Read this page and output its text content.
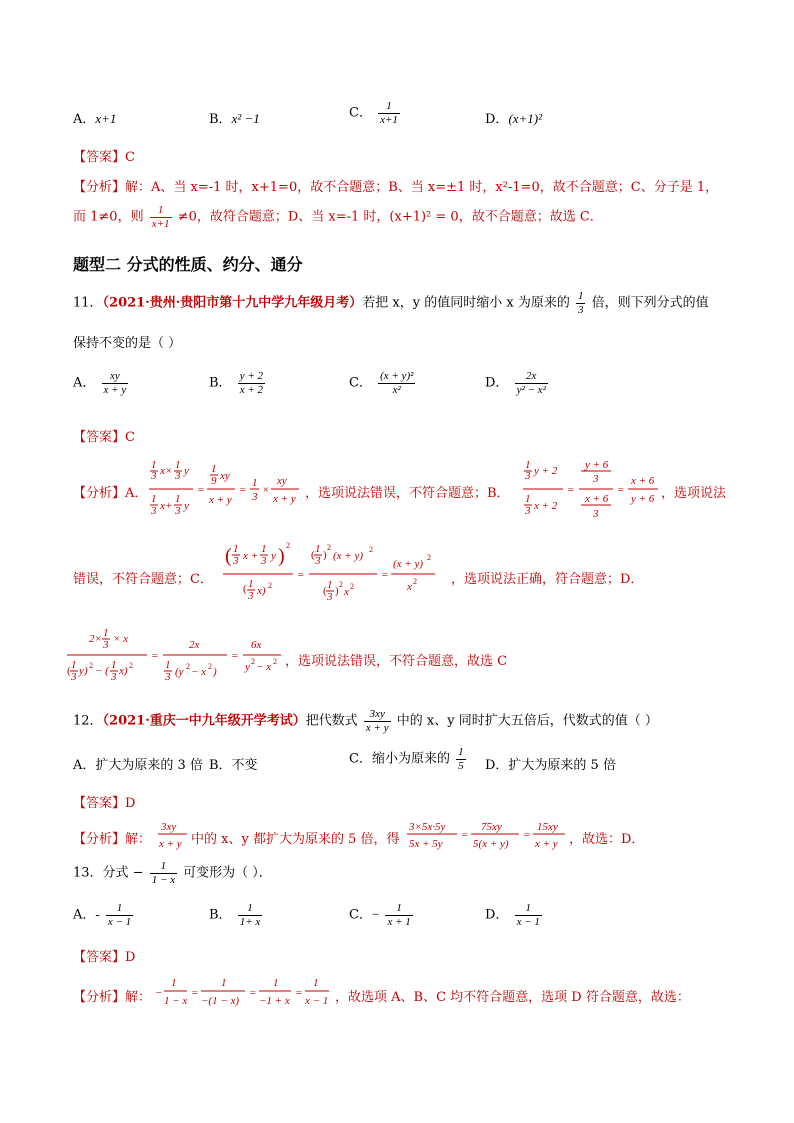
A．x+1	B．x² −1	C． $\frac{1}{x+1}$	D．(x+1)²
【答案】C
【分析】解：A、当 x=-1 时，x+1=0，故不合题意；B、当 x=±1 时，x²-1=0，故不合题意；C、分子是 1，
而 1≠0，则 $\frac{1}{x+1} \ne 0$，故符合题意；D、当 x=-1 时，(x+1)² = 0，故不合题意；故选 C．
题型二 分式的性质、约分、通分
11．（2021·贵州·贵阳市第十九中学九年级月考）若把 x，y 的值同时缩小 x 为原来的 $\frac{1}{3}$ 倍，则下列分式的值
保持不变的是（ ）
A． $\frac{xy}{x + y}$	B． $\frac{y + 2}{x + 2}$	C． $\frac{\text{(x + y)²}}{\text{x²}}$	D． $\frac{2x}{\text{y² − x²}}$
【答案】C
【分析】 A．
1
3 x× 1
3 y
1
3 x+
1
3 y
=
1
9 xy
x + y
=
1
3
×
xy
x + y ，选项说法错误，不符合题意；B．
1
3 y + 2
1
3 x + 2
=
y + 6
3
x + 6
3
=
x + 6
y + 6 ，选项说法
错误，不符合题意；C．
( 1
3 x +
1
3 y ) 2
( 1
3 x) 2
=
( 1
3 )
2
(x + y)
2
( 1
3 )
2
x 2
=
(x + y)
2
x 2	，选项说法正确，符合题意；D．
2× 1
3 × x
( 1
3 y) 2 − ( 1
3 x) 2
=
2x
1
3 (y 2 − x 2 )
=
6x
y 2 − x 2 ，选项说法错误，不符合题意，故选 C
12．（2021·重庆一中九年级开学考试）把代数式 $\frac{3xy}{x + y}$ 中的 x、y 同时扩大五倍后，代数式的值（ ）
A．扩大为原来的 3 倍 B．不变	C．缩小为原来的 $\frac{1}{5}$ D．扩大为原来的 5 倍
【答案】D
【分析】 解：
3xy
x + y 中的 x、y 都扩大为原来的 5 倍，得
3×5x·5y
5x + 5y
=
75xy
5(x + y)
=
15xy
x + y ，故选：D．
13．分式 − $\frac{1}{1 - x}$ 可变形为（ ）．
A．- $\frac{1}{x - 1}$	B． $\frac{1}{1+ x}$	C．− $\frac{1}{x + 1}$	D． $\frac{1}{x - 1}$
【答案】D
【分析】 解： −
1
1 − x
=
1
−(1 − x)
=
1
−1 + x
=
1
x − 1 ，故选项 A、B、C 均不符合题意，选项 D 符合题意，故选：
